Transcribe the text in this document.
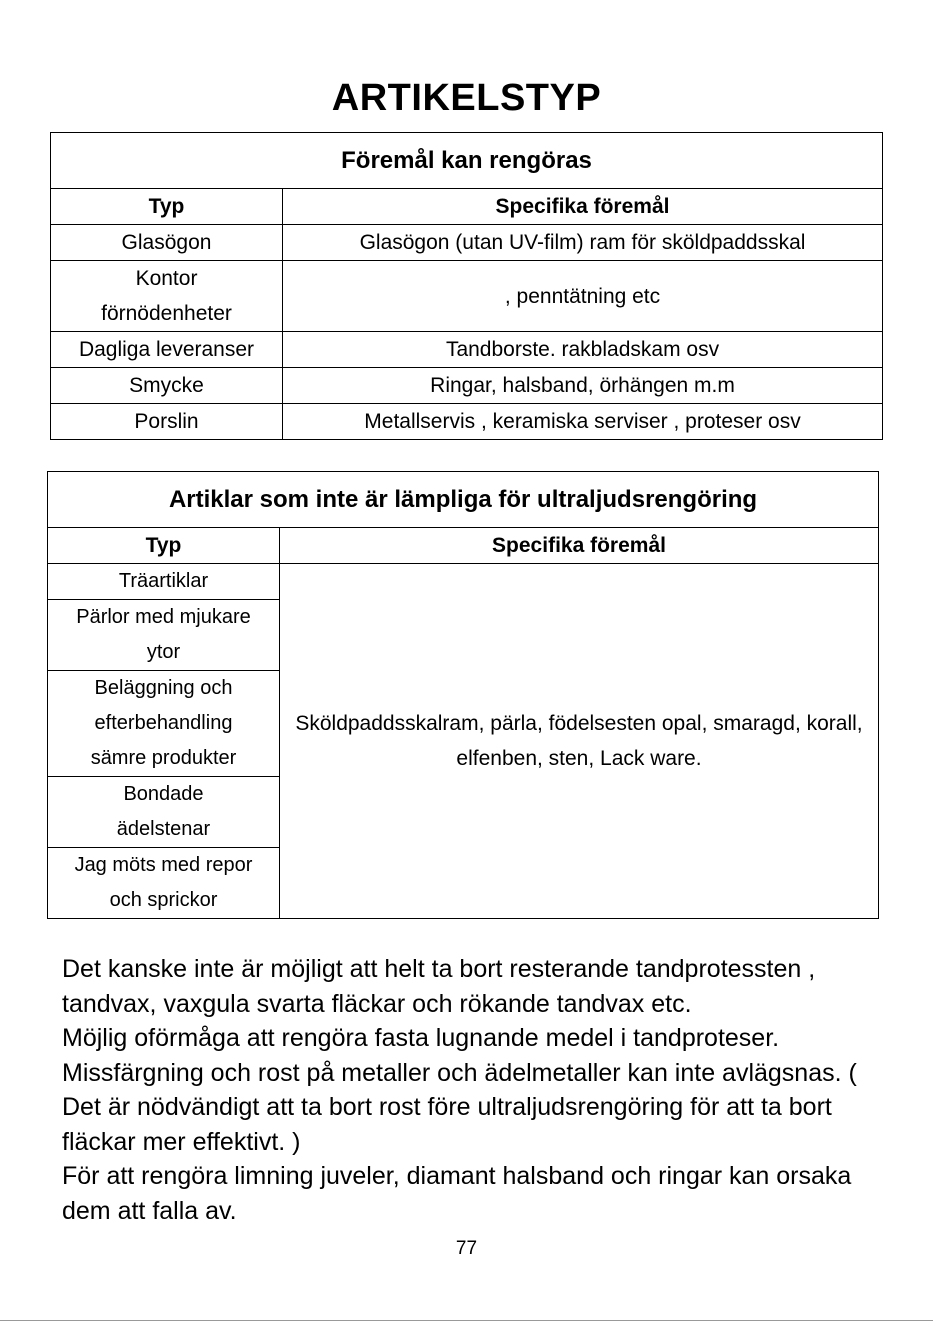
ARTIKELSTYP
Föremål kan rengöras	
Typ	Specifika föremål
Glasögon	Glasögon (utan UV-film) ram för sköldpaddsskal
Kontor förnödenheter	, penntätning etc
Dagliga leveranser	Tandborste. rakbladskam osv
Smycke	Ringar, halsband, örhängen m.m
Porslin	Metallservis , keramiska serviser , proteser osv
Artiklar som inte är lämpliga för ultraljudsrengöring	
Typ	Specifika föremål
Träartiklar	Sköldpaddsskalram, pärla, födelsesten opal, smaragd, korall, elfenben, sten, Lack ware.
Pärlor med mjukare ytor	
Beläggning och efterbehandling sämre produkter	
Bondade ädelstenar	
Jag möts med repor och sprickor	

Det kanske inte är möjligt att helt ta bort resterande tandprotessten , tandvax, vaxgula svarta fläckar och rökande tandvax etc.

Möjlig oförmåga att rengöra fasta lugnande medel i tandproteser.

Missfärgning och rost på metaller och ädelmetaller kan inte avlägsnas. ( Det är nödvändigt att ta bort rost före ultraljudsrengöring för att ta bort fläckar mer effektivt. )

För att rengöra limning juveler, diamant halsband och ringar kan orsaka dem att falla av.

77
